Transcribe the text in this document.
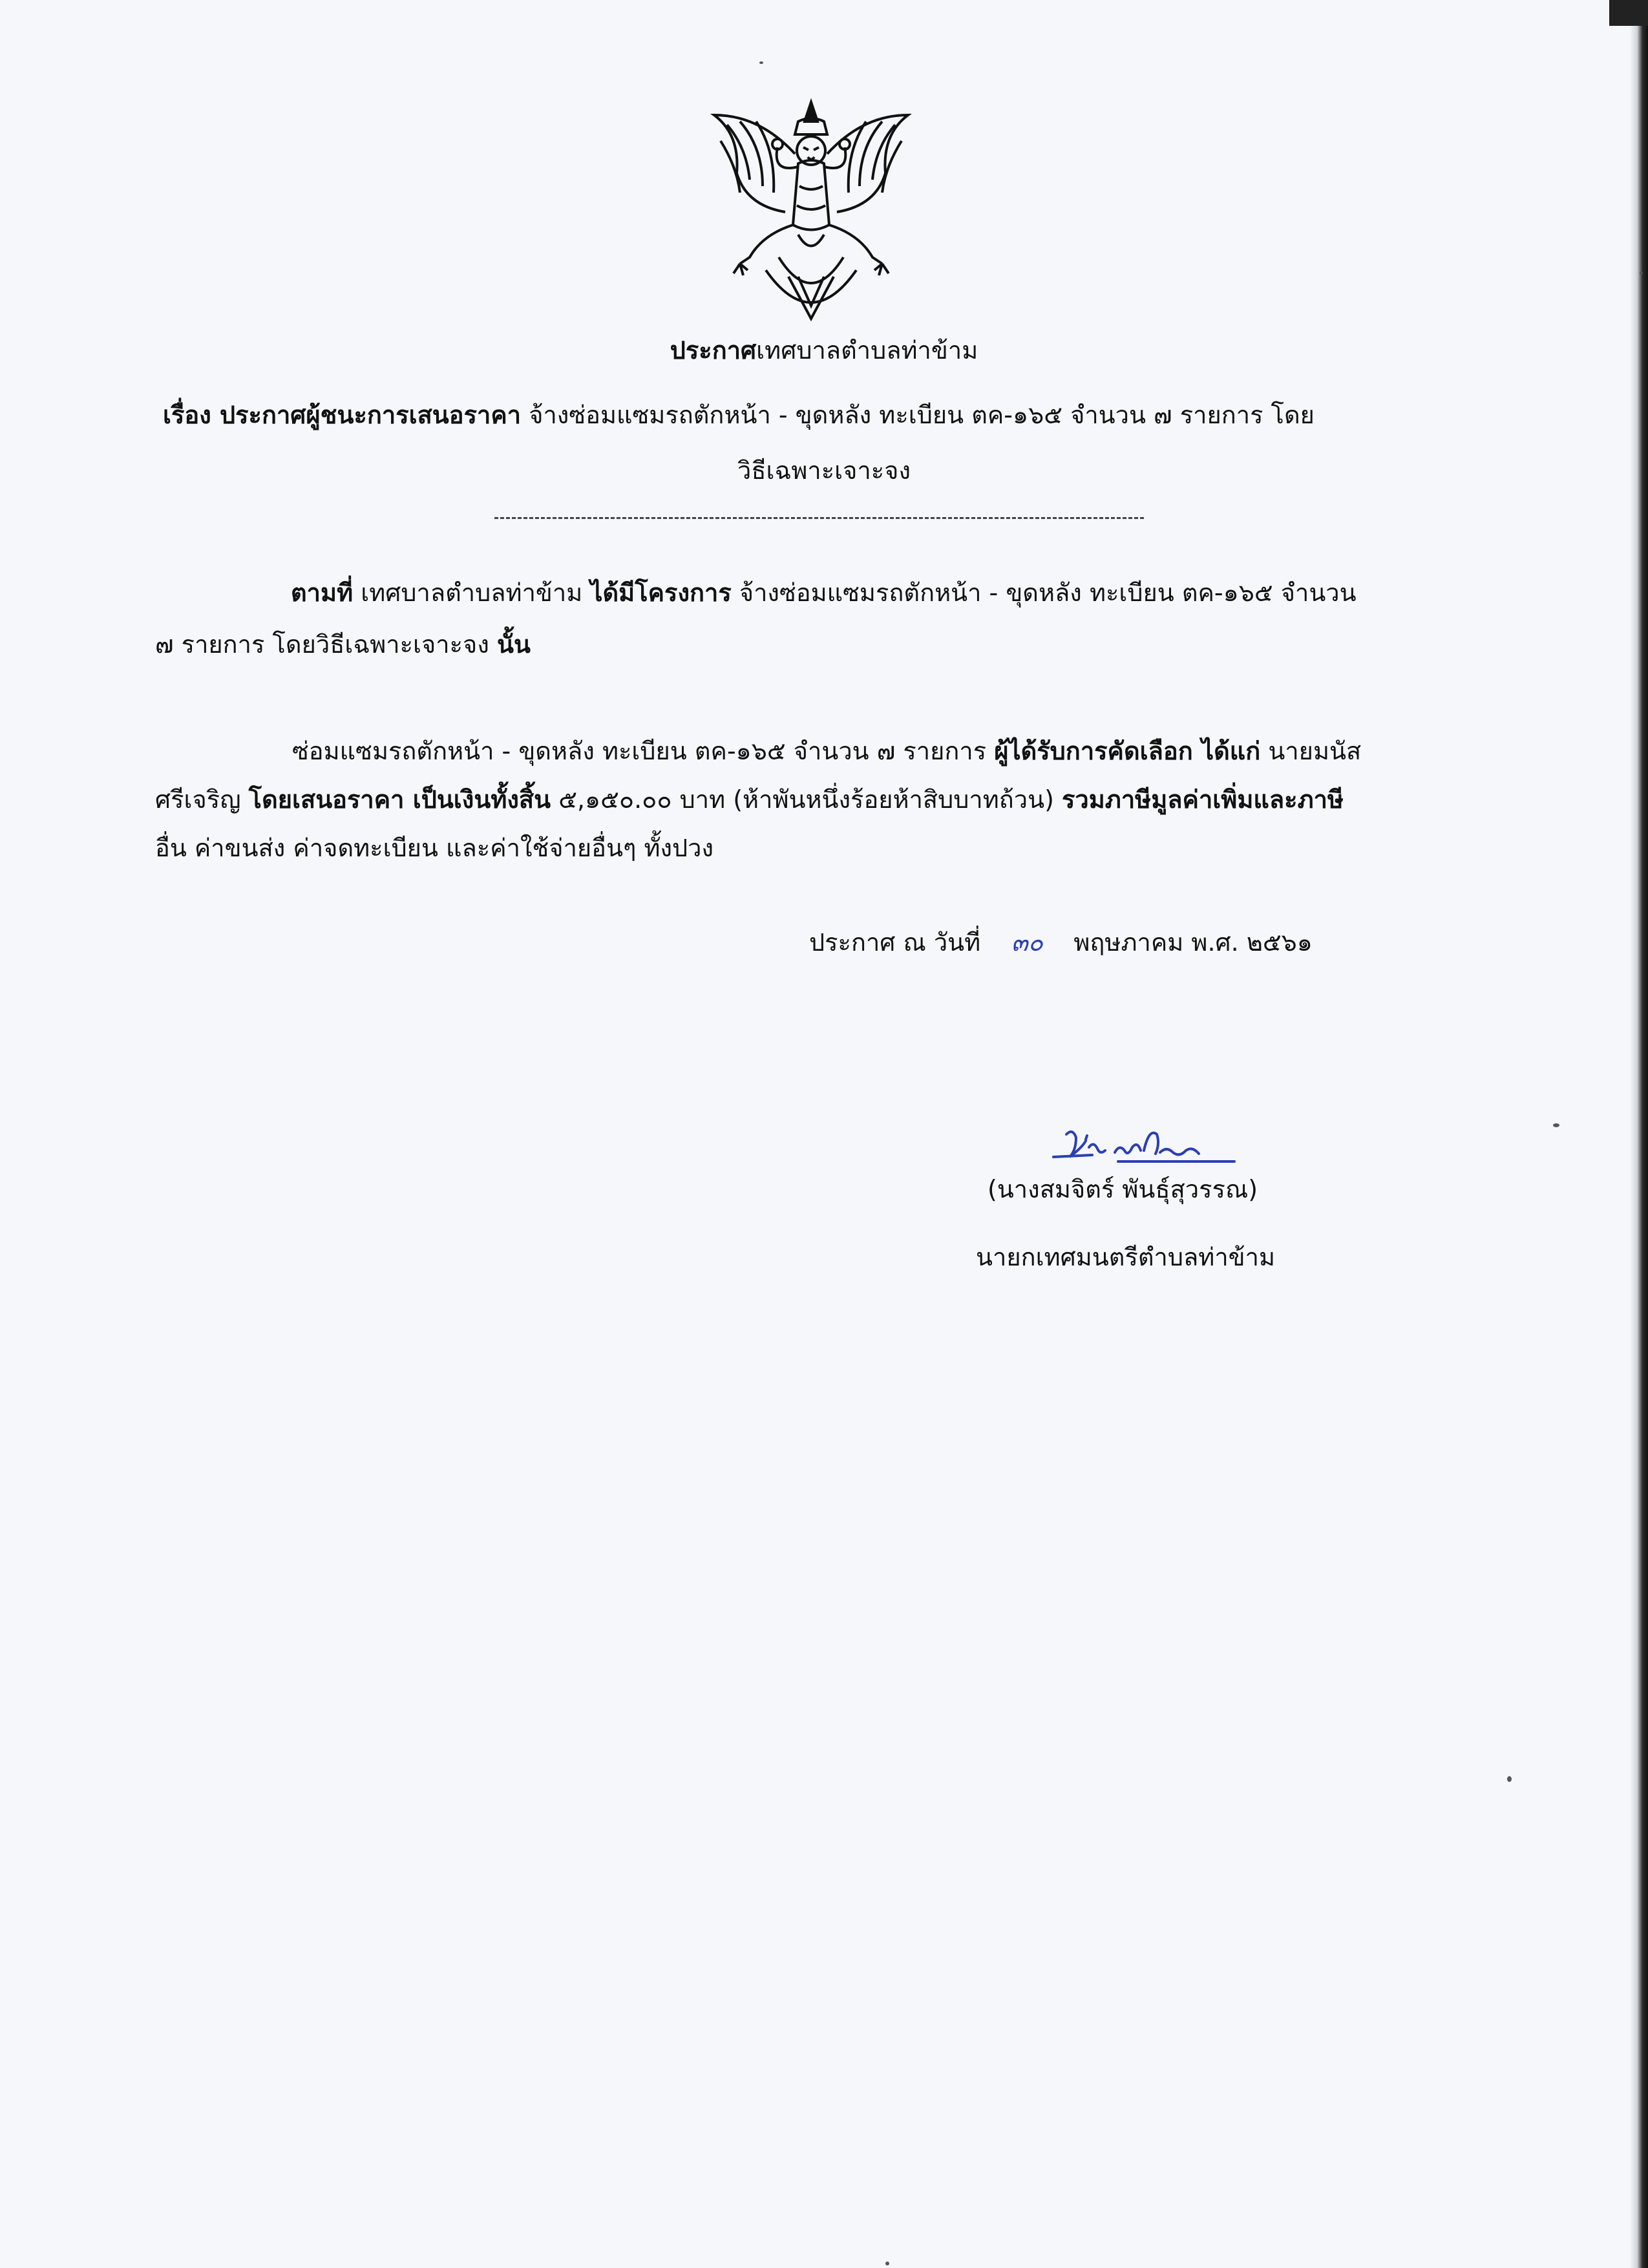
ประกาศเทศบาลตำบลท่าข้าม
เรื่อง ประกาศผู้ชนะการเสนอราคา จ้างซ่อมแซมรถตักหน้า - ขุดหลัง ทะเบียน ตค-๑๖๕ จำนวน ๗ รายการ โดย
วิธีเฉพาะเจาะจง
ตามที่ เทศบาลตำบลท่าข้าม ได้มีโครงการ จ้างซ่อมแซมรถตักหน้า - ขุดหลัง ทะเบียน ตค-๑๖๕ จำนวน
๗ รายการ โดยวิธีเฉพาะเจาะจง นั้น
ซ่อมแซมรถตักหน้า - ขุดหลัง ทะเบียน ตค-๑๖๕ จำนวน ๗ รายการ ผู้ได้รับการคัดเลือก ได้แก่ นายมนัส
ศรีเจริญ โดยเสนอราคา เป็นเงินทั้งสิ้น ๕,๑๕๐.๐๐ บาท (ห้าพันหนึ่งร้อยห้าสิบบาทถ้วน) รวมภาษีมูลค่าเพิ่มและภาษี
อื่น ค่าขนส่ง ค่าจดทะเบียน และค่าใช้จ่ายอื่นๆ ทั้งปวง
ประกาศ ณ วันที่ ๓๐ พฤษภาคม พ.ศ. ๒๕๖๑
(นางสมจิตร์ พันธุ์สุวรรณ)
นายกเทศมนตรีตำบลท่าข้าม
